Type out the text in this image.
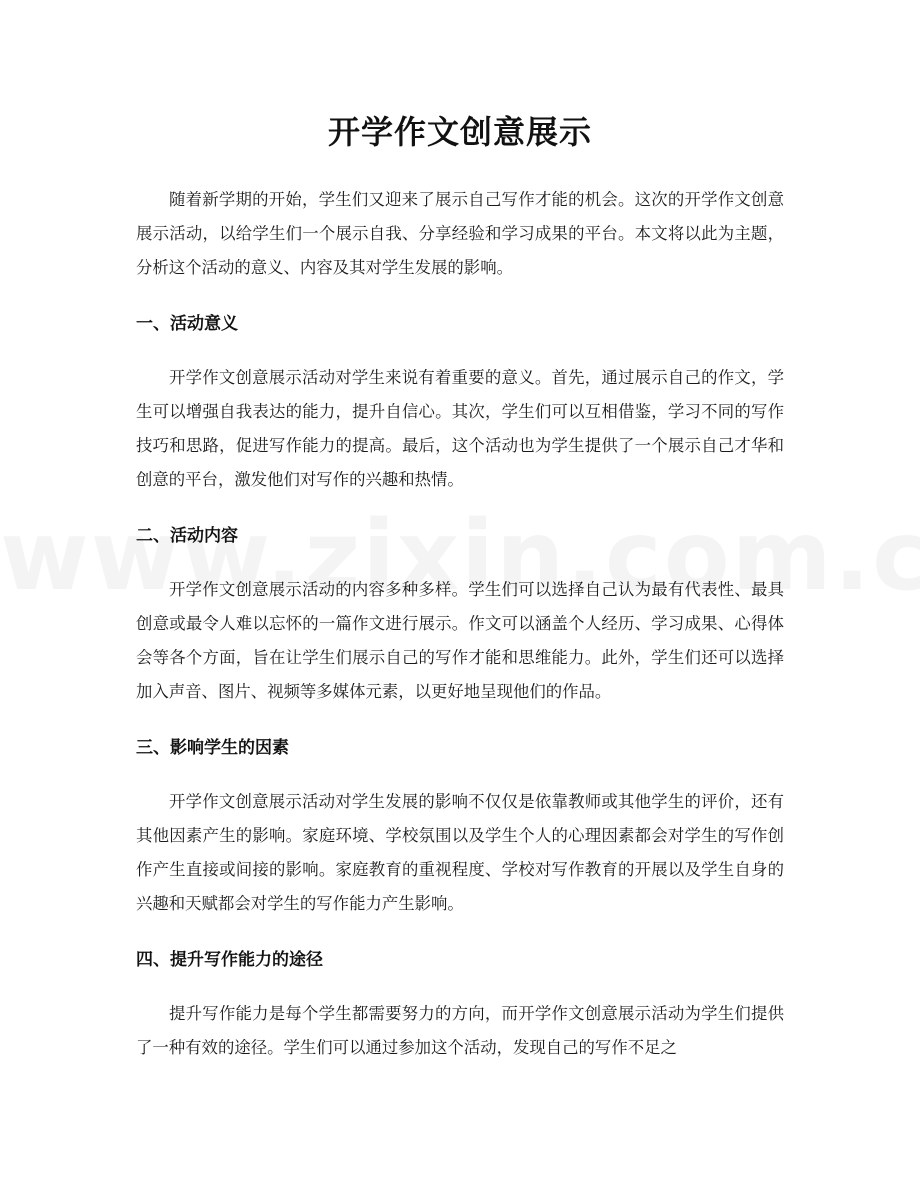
开学作文创意展示

随着新学期的开始，学生们又迎来了展示自己写作才能的机会。这次的开学作文创意展示活动，以给学生们一个展示自我、分享经验和学习成果的平台。本文将以此为主题，分析这个活动的意义、内容及其对学生发展的影响。

一、活动意义

开学作文创意展示活动对学生来说有着重要的意义。首先，通过展示自己的作文，学生可以增强自我表达的能力，提升自信心。其次，学生们可以互相借鉴，学习不同的写作技巧和思路，促进写作能力的提高。最后，这个活动也为学生提供了一个展示自己才华和创意的平台，激发他们对写作的兴趣和热情。

二、活动内容

开学作文创意展示活动的内容多种多样。学生们可以选择自己认为最有代表性、最具创意或最令人难以忘怀的一篇作文进行展示。作文可以涵盖个人经历、学习成果、心得体会等各个方面，旨在让学生们展示自己的写作才能和思维能力。此外，学生们还可以选择加入声音、图片、视频等多媒体元素，以更好地呈现他们的作品。

三、影响学生的因素

开学作文创意展示活动对学生发展的影响不仅仅是依靠教师或其他学生的评价，还有其他因素产生的影响。家庭环境、学校氛围以及学生个人的心理因素都会对学生的写作创作产生直接或间接的影响。家庭教育的重视程度、学校对写作教育的开展以及学生自身的兴趣和天赋都会对学生的写作能力产生影响。

四、提升写作能力的途径

提升写作能力是每个学生都需要努力的方向，而开学作文创意展示活动为学生们提供了一种有效的途径。学生们可以通过参加这个活动，发现自己的写作不足之
